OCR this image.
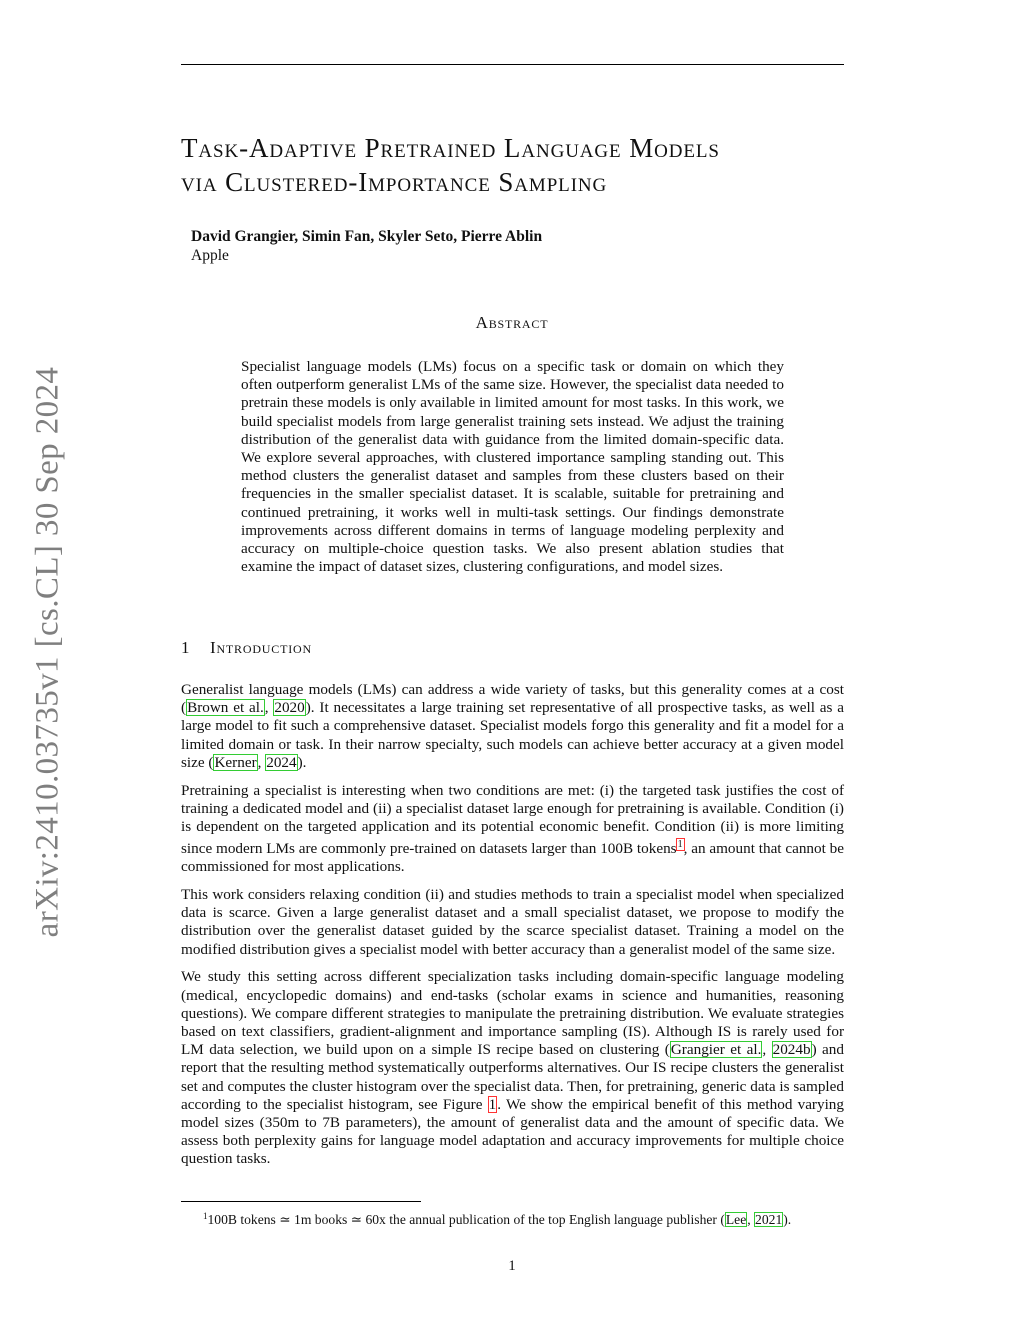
arXiv:2410.03735v1 [cs.CL] 30 Sep 2024
Task-Adaptive Pretrained Language Models
via Clustered-Importance Sampling
David Grangier, Simin Fan, Skyler Seto, Pierre Ablin
Apple
Abstract
Specialist language models (LMs) focus on a specific task or domain on which they often outperform generalist LMs of the same size. However, the specialist data needed to pretrain these models is only available in limited amount for most tasks. In this work, we build specialist models from large generalist training sets instead. We adjust the training distribution of the generalist data with guidance from the limited domain-specific data. We explore several approaches, with clustered importance sampling standing out. This method clusters the generalist dataset and samples from these clusters based on their frequencies in the smaller specialist dataset. It is scalable, suitable for pretraining and continued pretraining, it works well in multi-task settings. Our findings demonstrate improvements across different domains in terms of language modeling perplexity and accuracy on multiple-choice question tasks. We also present ablation studies that examine the impact of dataset sizes, clustering configurations, and model sizes.
1 Introduction

Generalist language models (LMs) can address a wide variety of tasks, but this generality comes at a cost (Brown et al., 2020). It necessitates a large training set representative of all prospective tasks, as well as a large model to fit such a comprehensive dataset. Specialist models forgo this generality and fit a model for a limited domain or task. In their narrow specialty, such models can achieve better accuracy at a given model size (Kerner, 2024).

Pretraining a specialist is interesting when two conditions are met: (i) the targeted task justifies the cost of training a dedicated model and (ii) a specialist dataset large enough for pretraining is available. Condition (i) is dependent on the targeted application and its potential economic benefit. Condition (ii) is more limiting since modern LMs are commonly pre-trained on datasets larger than 100B tokens$^1$, an amount that cannot be commissioned for most applications.

This work considers relaxing condition (ii) and studies methods to train a specialist model when specialized data is scarce. Given a large generalist dataset and a small specialist dataset, we propose to modify the distribution over the generalist dataset guided by the scarce specialist dataset. Training a model on the modified distribution gives a specialist model with better accuracy than a generalist model of the same size.

We study this setting across different specialization tasks including domain-specific language modeling (medical, encyclopedic domains) and end-tasks (scholar exams in science and humanities, reasoning questions). We compare different strategies to manipulate the pretraining distribution. We evaluate strategies based on text classifiers, gradient-alignment and importance sampling (IS). Although IS is rarely used for LM data selection, we build upon on a simple IS recipe based on clustering (Grangier et al., 2024b) and report that the resulting method systematically outperforms alternatives. Our IS recipe clusters the generalist set and computes the cluster histogram over the specialist data. Then, for pretraining, generic data is sampled according to the specialist histogram, see Figure 1. We show the empirical benefit of this method varying model sizes (350m to 7B parameters), the amount of generalist data and the amount of specific data. We assess both perplexity gains for language model adaptation and accuracy improvements for multiple choice question tasks.

$^1$100B tokens ≃ 1m books ≃ 60x the annual publication of the top English language publisher (Lee, 2021).
1
